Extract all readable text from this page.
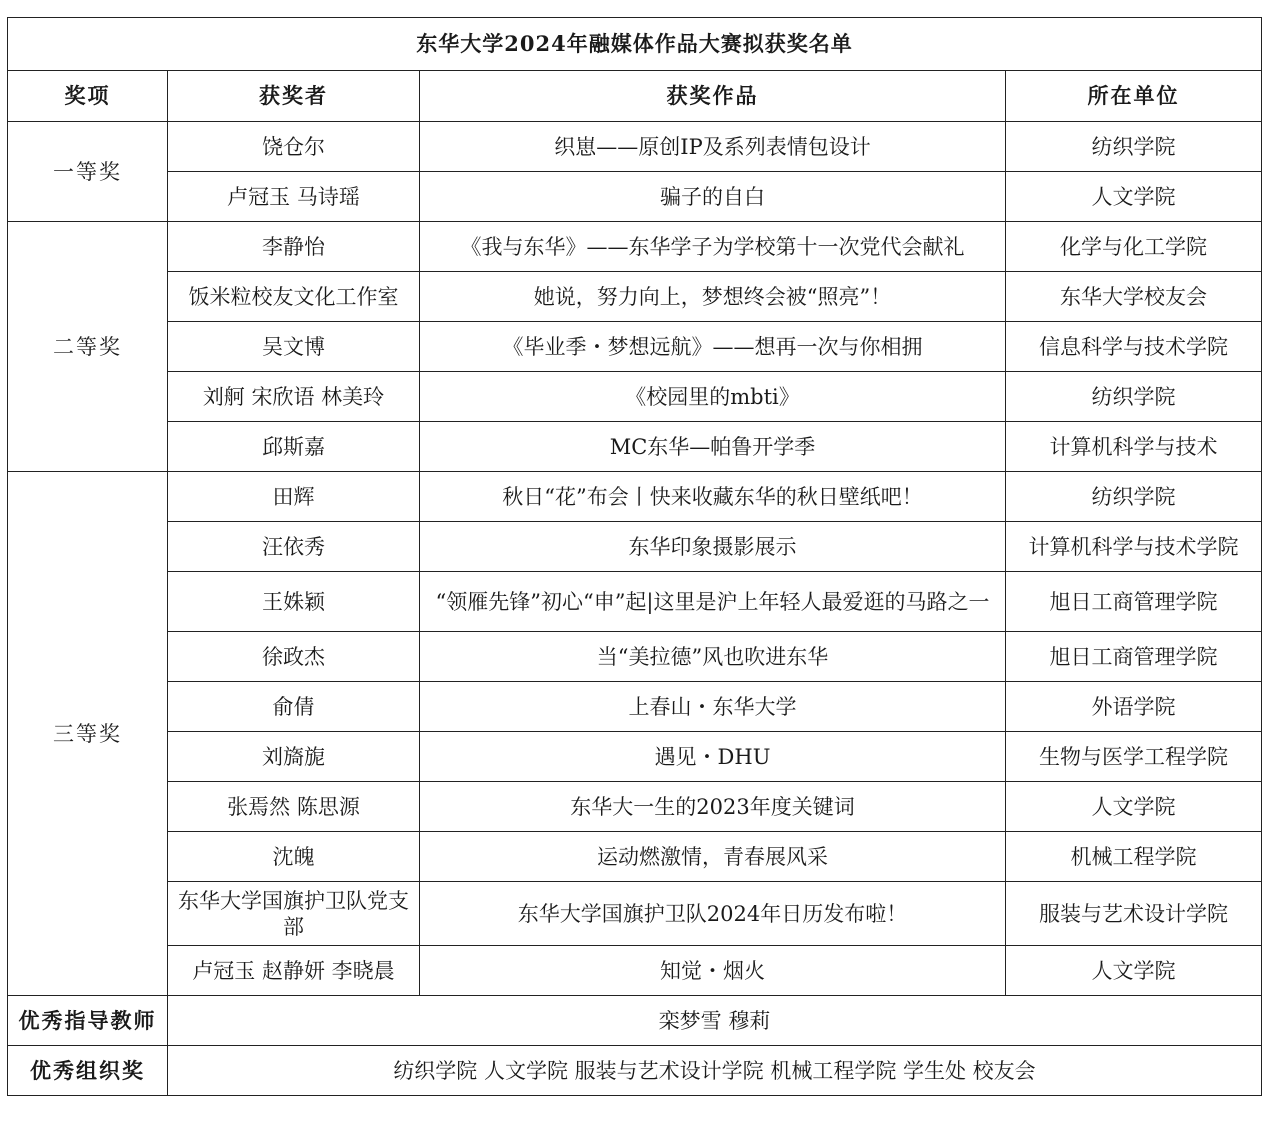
东华大学2024年融媒体作品大赛拟获奖名单			
奖项	获奖者	获奖作品	所在单位
一等奖	饶仓尔	织崽——原创IP及系列表情包设计	纺织学院
	卢冠玉 马诗瑶	骗子的自白	人文学院
二等奖	李静怡	《我与东华》——东华学子为学校第十一次党代会献礼	化学与化工学院
	饭米粒校友文化工作室	她说，努力向上，梦想终会被“照亮”！	东华大学校友会
	吴文博	《毕业季・梦想远航》——想再一次与你相拥	信息科学与技术学院
	刘舸 宋欣语 林美玲	《校园里的mbti》	纺织学院
	邱斯嘉	MC东华—帕鲁开学季	计算机科学与技术
三等奖	田辉	秋日“花”布会丨快来收藏东华的秋日壁纸吧！	纺织学院
	汪依秀	东华印象摄影展示	计算机科学与技术学院
	王姝颖	“领雁先锋”初心“申”起|这里是沪上年轻人最爱逛的马路之一	旭日工商管理学院
	徐政杰	当“美拉德”风也吹进东华	旭日工商管理学院
	俞倩	上春山・东华大学	外语学院
	刘旖旎	遇见・DHU	生物与医学工程学院
	张焉然 陈思源	东华大一生的2023年度关键词	人文学院
	沈魄	运动燃激情，青春展风采	机械工程学院
	东华大学国旗护卫队党支部	东华大学国旗护卫队2024年日历发布啦！	服装与艺术设计学院
	卢冠玉 赵静妍 李晓晨	知觉・烟火	人文学院
优秀指导教师	栾梦雪 穆莉		
优秀组织奖	纺织学院 人文学院 服装与艺术设计学院 机械工程学院 学生处 校友会		
